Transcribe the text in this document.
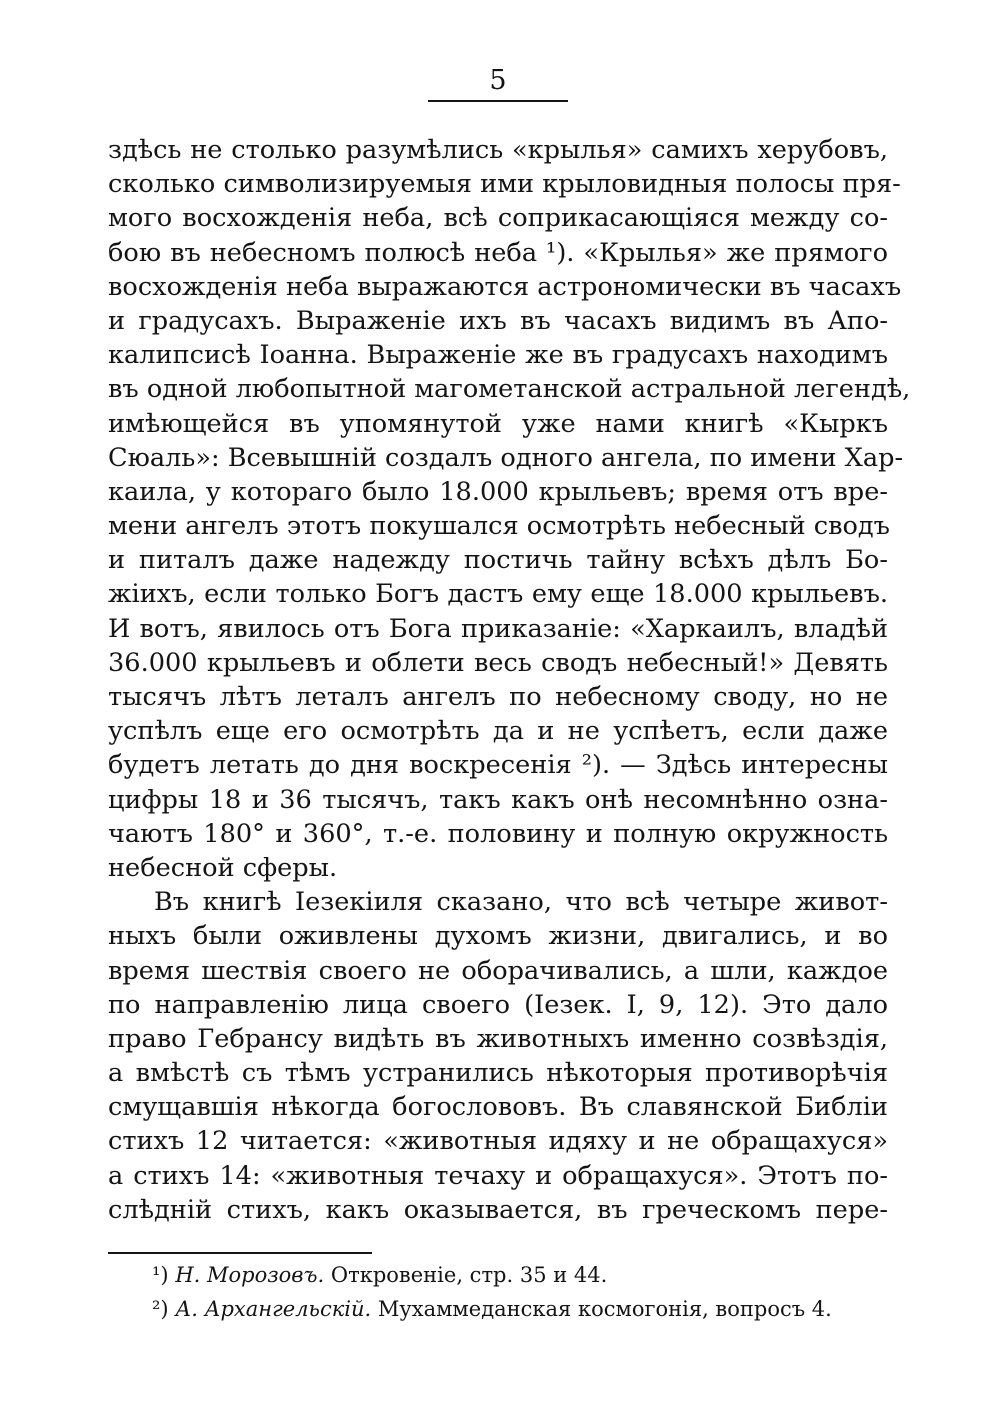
5
здѣсь не столько разумѣлись «крылья» самихъ херубовъ,
сколько символизируемыя ими крыловидныя полосы пря-
мого восхожденія неба, всѣ соприкасающіяся между со-
бою въ небесномъ полюсѣ неба ¹). «Крылья» же прямого
восхожденія неба выражаются астрономически въ часахъ
и градусахъ. Выраженіе ихъ въ часахъ видимъ въ Апо-
калипсисѣ Іоанна. Выраженіе же въ градусахъ находимъ
въ одной любопытной магометанской астральной легендѣ,
имѣющейся въ упомянутой уже нами книгѣ «Кыркъ
Сюаль»: Всевышній создалъ одного ангела, по имени Хар-
каила, у котораго было 18.000 крыльевъ; время отъ вре-
мени ангелъ этотъ покушался осмотрѣть небесный сводъ
и питалъ даже надежду постичь тайну всѣхъ дѣлъ Бо-
жіихъ, если только Богъ дастъ ему еще 18.000 крыльевъ.
И вотъ, явилось отъ Бога приказаніе: «Харкаилъ, владѣй
36.000 крыльевъ и облети весь сводъ небесный!» Девять
тысячъ лѣтъ леталъ ангелъ по небесному своду, но не
успѣлъ еще его осмотрѣть да и не успѣетъ, если даже
будетъ летать до дня воскресенія ²). — Здѣсь интересны
цифры 18 и 36 тысячъ, такъ какъ онѣ несомнѣнно озна-
чаютъ 180° и 360°, т.-е. половину и полную окружность
небесной сферы.
Въ книгѣ Іезекіиля сказано, что всѣ четыре живот-
ныхъ были оживлены духомъ жизни, двигались, и во
время шествія своего не оборачивались, а шли, каждое
по направленію лица своего (Іезек. I, 9, 12). Это дало
право Гебрансу видѣть въ животныхъ именно созвѣздія,
а вмѣстѣ съ тѣмъ устранились нѣкоторыя противорѣчія
смущавшія нѣкогда богослововъ. Въ славянской Библіи
стихъ 12 читается: «животныя идяху и не обращахуся»
а стихъ 14: «животныя течаху и обращахуся». Этотъ по-
слѣдній стихъ, какъ оказывается, въ греческомъ пере-
¹) Н. Морозовъ. Откровеніе, стр. 35 и 44.
²) А. Архангельскій. Мухаммеданская космогонія, вопросъ 4.
